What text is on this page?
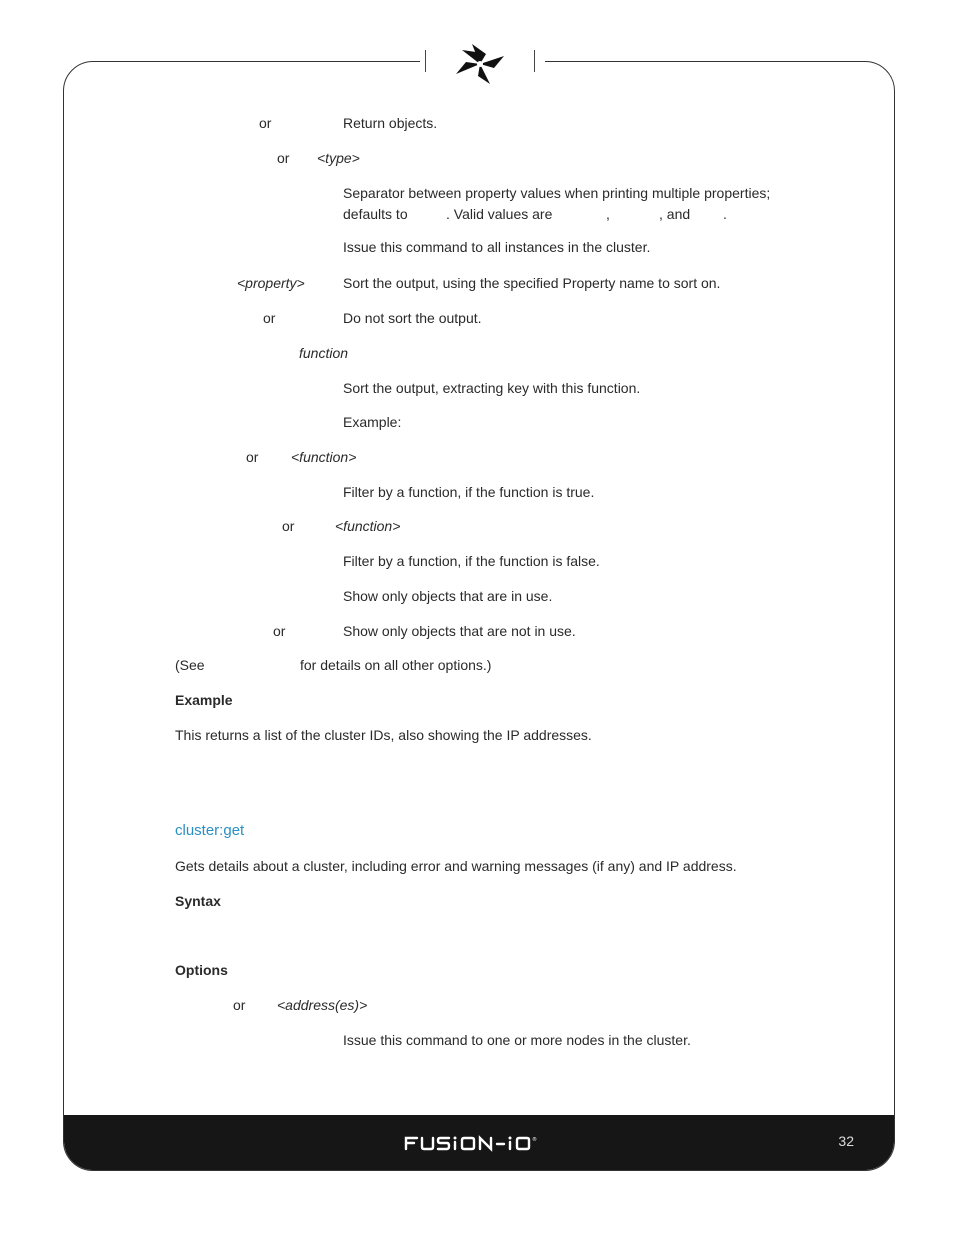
®	32
or	Return objects.
or <type>
Separator between property values when printing multiple properties;
defaults to	. Valid values are	,	, and .
Issue this command to all instances in the cluster.
<property>	Sort the output, using the specified Property name to sort on.
or	Do not sort the output.
function
Sort the output, extracting key with this function.
Example:
or <function>
Filter by a function, if the function is true.
or	<function>
Filter by a function, if the function is false.
Show only objects that are in use.
or	Show only objects that are not in use.
(See	for details on all other options.)
Example
This returns a list of the cluster IDs, also showing the IP addresses.
cluster:get
Gets details about a cluster, including error and warning messages (if any) and IP address.
Syntax
Options
or <address(es)>
Issue this command to one or more nodes in the cluster.
